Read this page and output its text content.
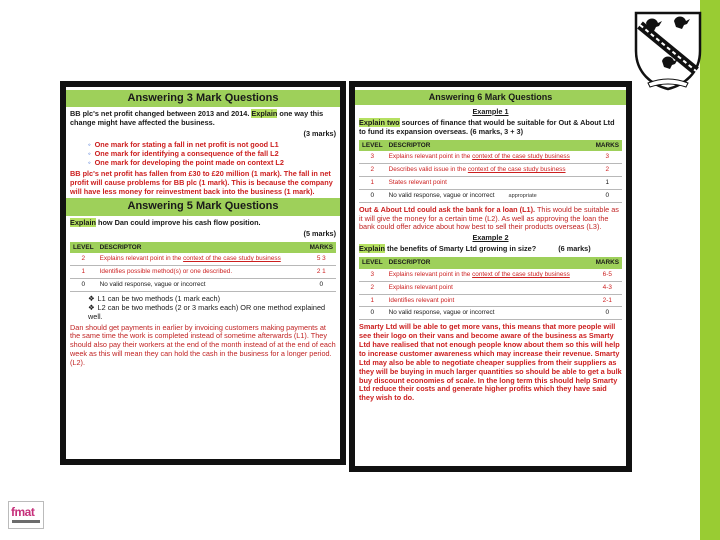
Answering 3 Mark Questions

BB plc's net profit changed between 2013 and 2014. Explain one way this change might have affected the business.

(3 marks)

◦ One mark for stating a fall in net profit is not good L1
◦ One mark for identifying a consequence of the fall L2
◦ One mark for developing the point made on context L2

BB plc's net profit has fallen from £30 to £20 million (1 mark). The fall in net profit will cause problems for BB plc (1 mark). This is because the company will have less money for reinvestment back into the business (1 mark).

Answering 5 Mark Questions

Explain how Dan could improve his cash flow position.

(5 marks)

LEVEL	DESCRIPTOR	MARKS
2	Explains relevant point in the context of the case study business	5 3
1	Identifies possible method(s) or one described.	2 1
0	No valid response, vague or incorrect	0
❖ L1 can be two methods (1 mark each)
❖ L2 can be two methods (2 or 3 marks each) OR one method explained well.

Dan should get payments in earlier by invoicing customers making payments at the same time the work is completed instead of sometime afterwards (L1). They should also pay their workers at the end of the month instead of at the end of each week as this will mean they can hold the cash in the business for a longer period. (L2).

Answering 6 Mark Questions

Example 1

Explain two sources of finance that would be suitable for Out & About Ltd to fund its expansion overseas. (6 marks, 3 + 3)

LEVEL	DESCRIPTOR	MARKS
3	Explains relevant point in the context of the case study business	3
2	Describes valid issue in the context of the case study business	2
1	States relevant point	1
0	No valid response, vague or incorrect appropriate	0

Out & About Ltd could ask the bank for a loan (L1). This would be suitable as it will give the money for a certain time (L2). As well as approving the loan the bank could offer advice about how best to sell their products overseas (L3).

Example 2

Explain the benefits of Smarty Ltd growing in size?	(6 marks)

LEVEL	DESCRIPTOR	MARKS
3	Explains relevant point in the context of the case study business	6-5
2	Explains relevant point	4-3
1	Identifies relevant point	2-1
0	No valid response, vague or incorrect	0

Smarty Ltd will be able to get more vans, this means that more people will see their logo on their vans and become aware of the business as Smarty Ltd have realised that not enough people know about them so this will help to increase customer awareness which may increase their revenue. Smarty Ltd may also be able to negotiate cheaper supplies from their suppliers as they will be buying in much larger quantities so should be able to get a bulk buy discount economies of scale. In the long term this should help Smarty Ltd reduce their costs and generate higher profits which they have said they wish to do.

fmat
